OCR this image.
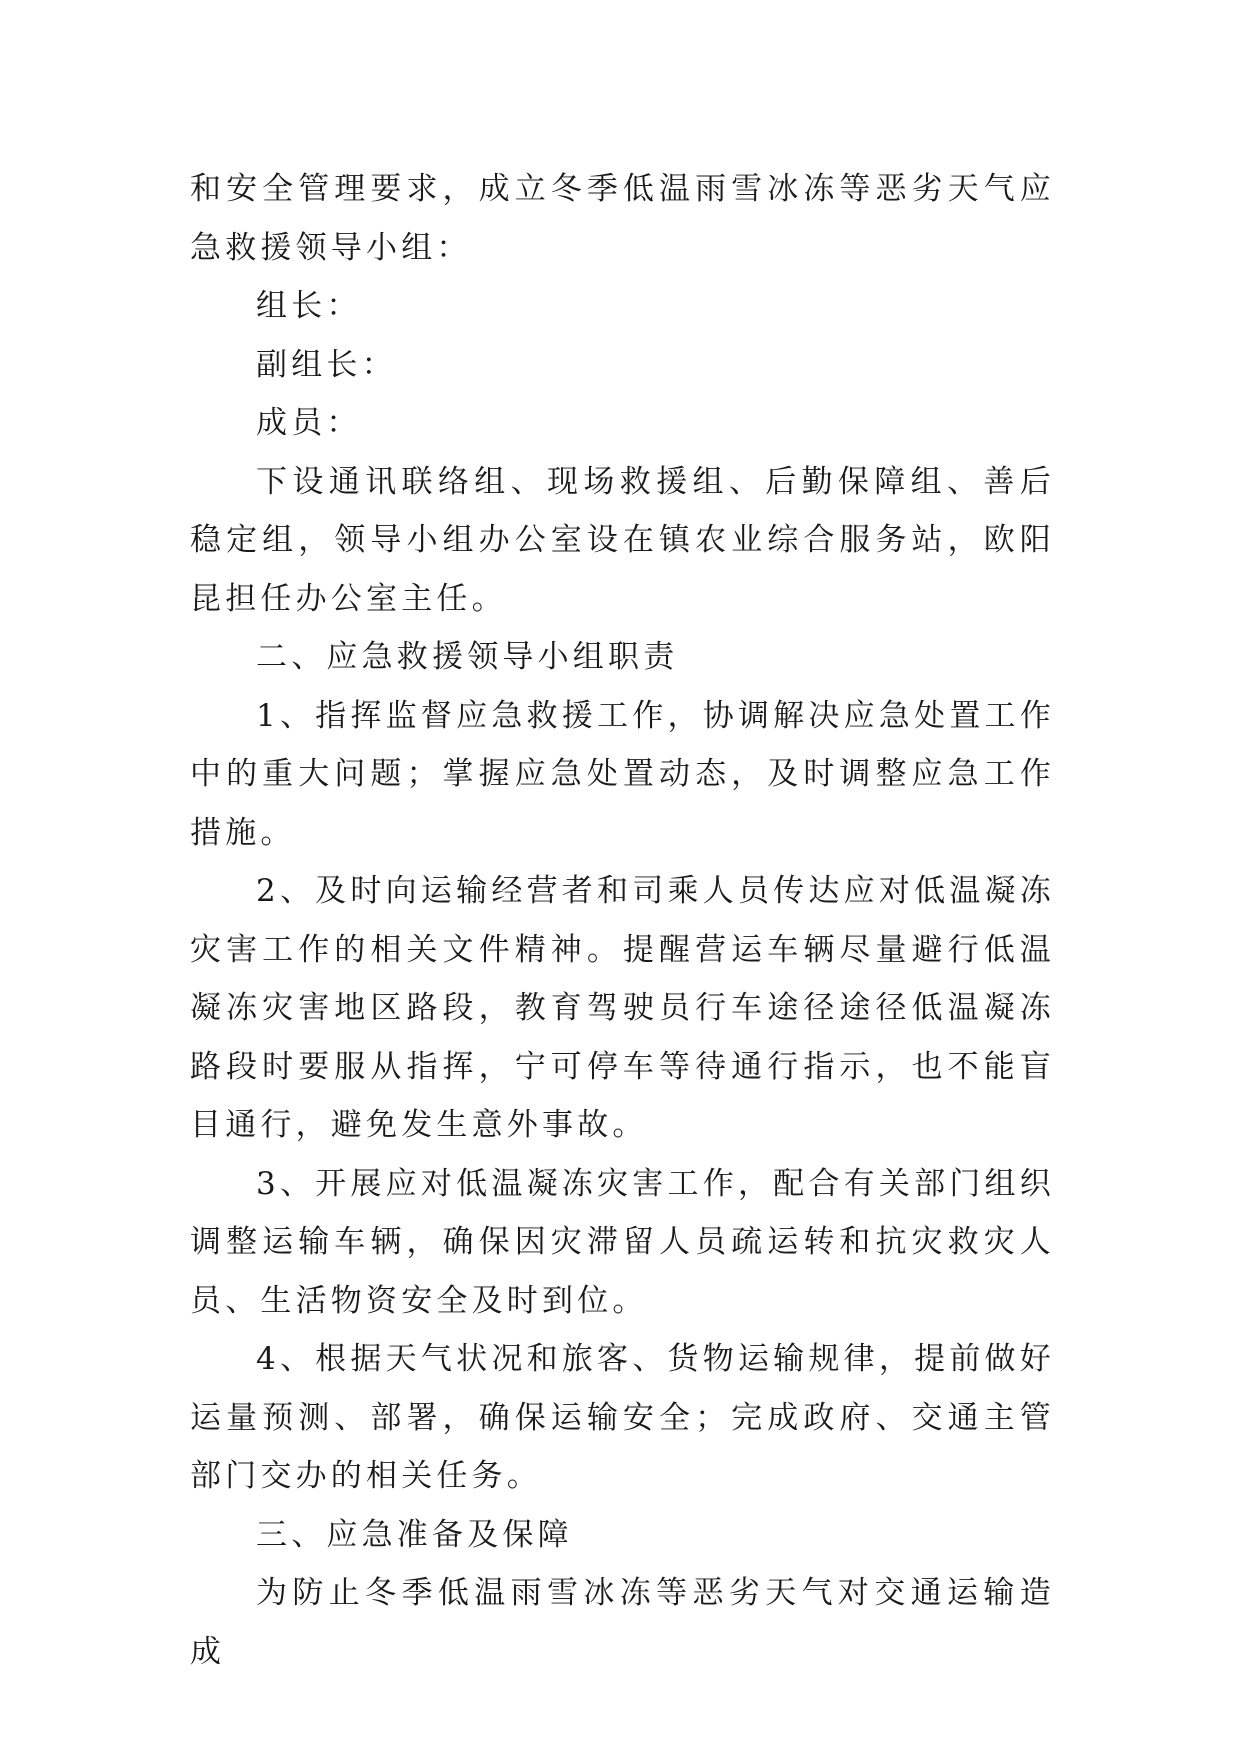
和安全管理要求，成立冬季低温雨雪冰冻等恶劣天气应急救援领导小组：

组长：

副组长：

成员：

下设通讯联络组、现场救援组、后勤保障组、善后稳定组，领导小组办公室设在镇农业综合服务站，欧阳昆担任办公室主任。

二、应急救援领导小组职责

1、指挥监督应急救援工作，协调解决应急处置工作中的重大问题；掌握应急处置动态，及时调整应急工作措施。

2、及时向运输经营者和司乘人员传达应对低温凝冻灾害工作的相关文件精神。提醒营运车辆尽量避行低温凝冻灾害地区路段，教育驾驶员行车途径途径低温凝冻路段时要服从指挥，宁可停车等待通行指示，也不能盲目通行，避免发生意外事故。

3、开展应对低温凝冻灾害工作，配合有关部门组织调整运输车辆，确保因灾滞留人员疏运转和抗灾救灾人员、生活物资安全及时到位。

4、根据天气状况和旅客、货物运输规律，提前做好运量预测、部署，确保运输安全；完成政府、交通主管部门交办的相关任务。

三、应急准备及保障

为防止冬季低温雨雪冰冻等恶劣天气对交通运输造成
